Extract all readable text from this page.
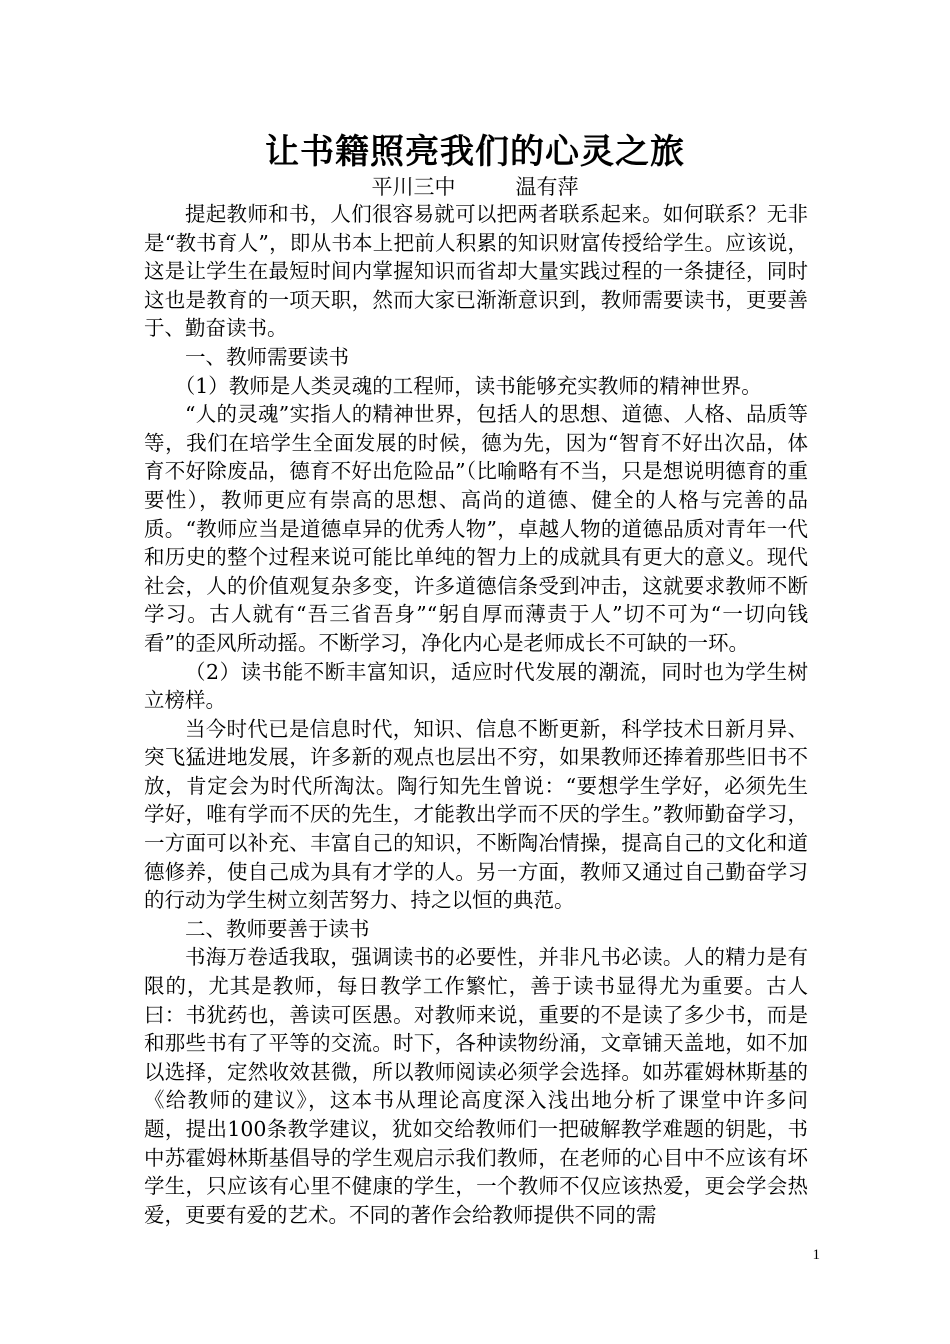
让书籍照亮我们的心灵之旅
平川三中	温有萍

提起教师和书，人们很容易就可以把两者联系起来。如何联系？无非是“教书育人”，即从书本上把前人积累的知识财富传授给学生。应该说，这是让学生在最短时间内掌握知识而省却大量实践过程的一条捷径，同时这也是教育的一项天职，然而大家已渐渐意识到，教师需要读书，更要善于、勤奋读书。

一、教师需要读书

（1）教师是人类灵魂的工程师，读书能够充实教师的精神世界。

“人的灵魂”实指人的精神世界，包括人的思想、道德、人格、品质等等，我们在培学生全面发展的时候，德为先，因为“智育不好出次品，体育不好除废品，德育不好出危险品”（比喻略有不当，只是想说明德育的重要性），教师更应有崇高的思想、高尚的道德、健全的人格与完善的品质。“教师应当是道德卓异的优秀人物”，卓越人物的道德品质对青年一代和历史的整个过程来说可能比单纯的智力上的成就具有更大的意义。现代社会，人的价值观复杂多变，许多道德信条受到冲击，这就要求教师不断学习。古人就有“吾三省吾身”“躬自厚而薄责于人”切不可为“一切向钱看”的歪风所动摇。不断学习，净化内心是老师成长不可缺的一环。

（2）读书能不断丰富知识，适应时代发展的潮流，同时也为学生树立榜样。

当今时代已是信息时代，知识、信息不断更新，科学技术日新月异、突飞猛进地发展，许多新的观点也层出不穷，如果教师还捧着那些旧书不放，肯定会为时代所淘汰。陶行知先生曾说：“要想学生学好，必须先生学好，唯有学而不厌的先生，才能教出学而不厌的学生。”教师勤奋学习，一方面可以补充、丰富自己的知识，不断陶冶情操，提高自己的文化和道德修养，使自己成为具有才学的人。另一方面，教师又通过自己勤奋学习的行动为学生树立刻苦努力、持之以恒的典范。

二、教师要善于读书

书海万卷适我取，强调读书的必要性，并非凡书必读。人的精力是有限的，尤其是教师，每日教学工作繁忙，善于读书显得尤为重要。古人曰：书犹药也，善读可医愚。对教师来说，重要的不是读了多少书，而是和那些书有了平等的交流。时下，各种读物纷涌，文章铺天盖地，如不加以选择，定然收效甚微，所以教师阅读必须学会选择。如苏霍姆林斯基的《给教师的建议》，这本书从理论高度深入浅出地分析了课堂中许多问题，提出100条教学建议，犹如交给教师们一把破解教学难题的钥匙，书中苏霍姆林斯基倡导的学生观启示我们教师，在老师的心目中不应该有坏学生，只应该有心里不健康的学生，一个教师不仅应该热爱，更会学会热爱，更要有爱的艺术。不同的著作会给教师提供不同的需

1
